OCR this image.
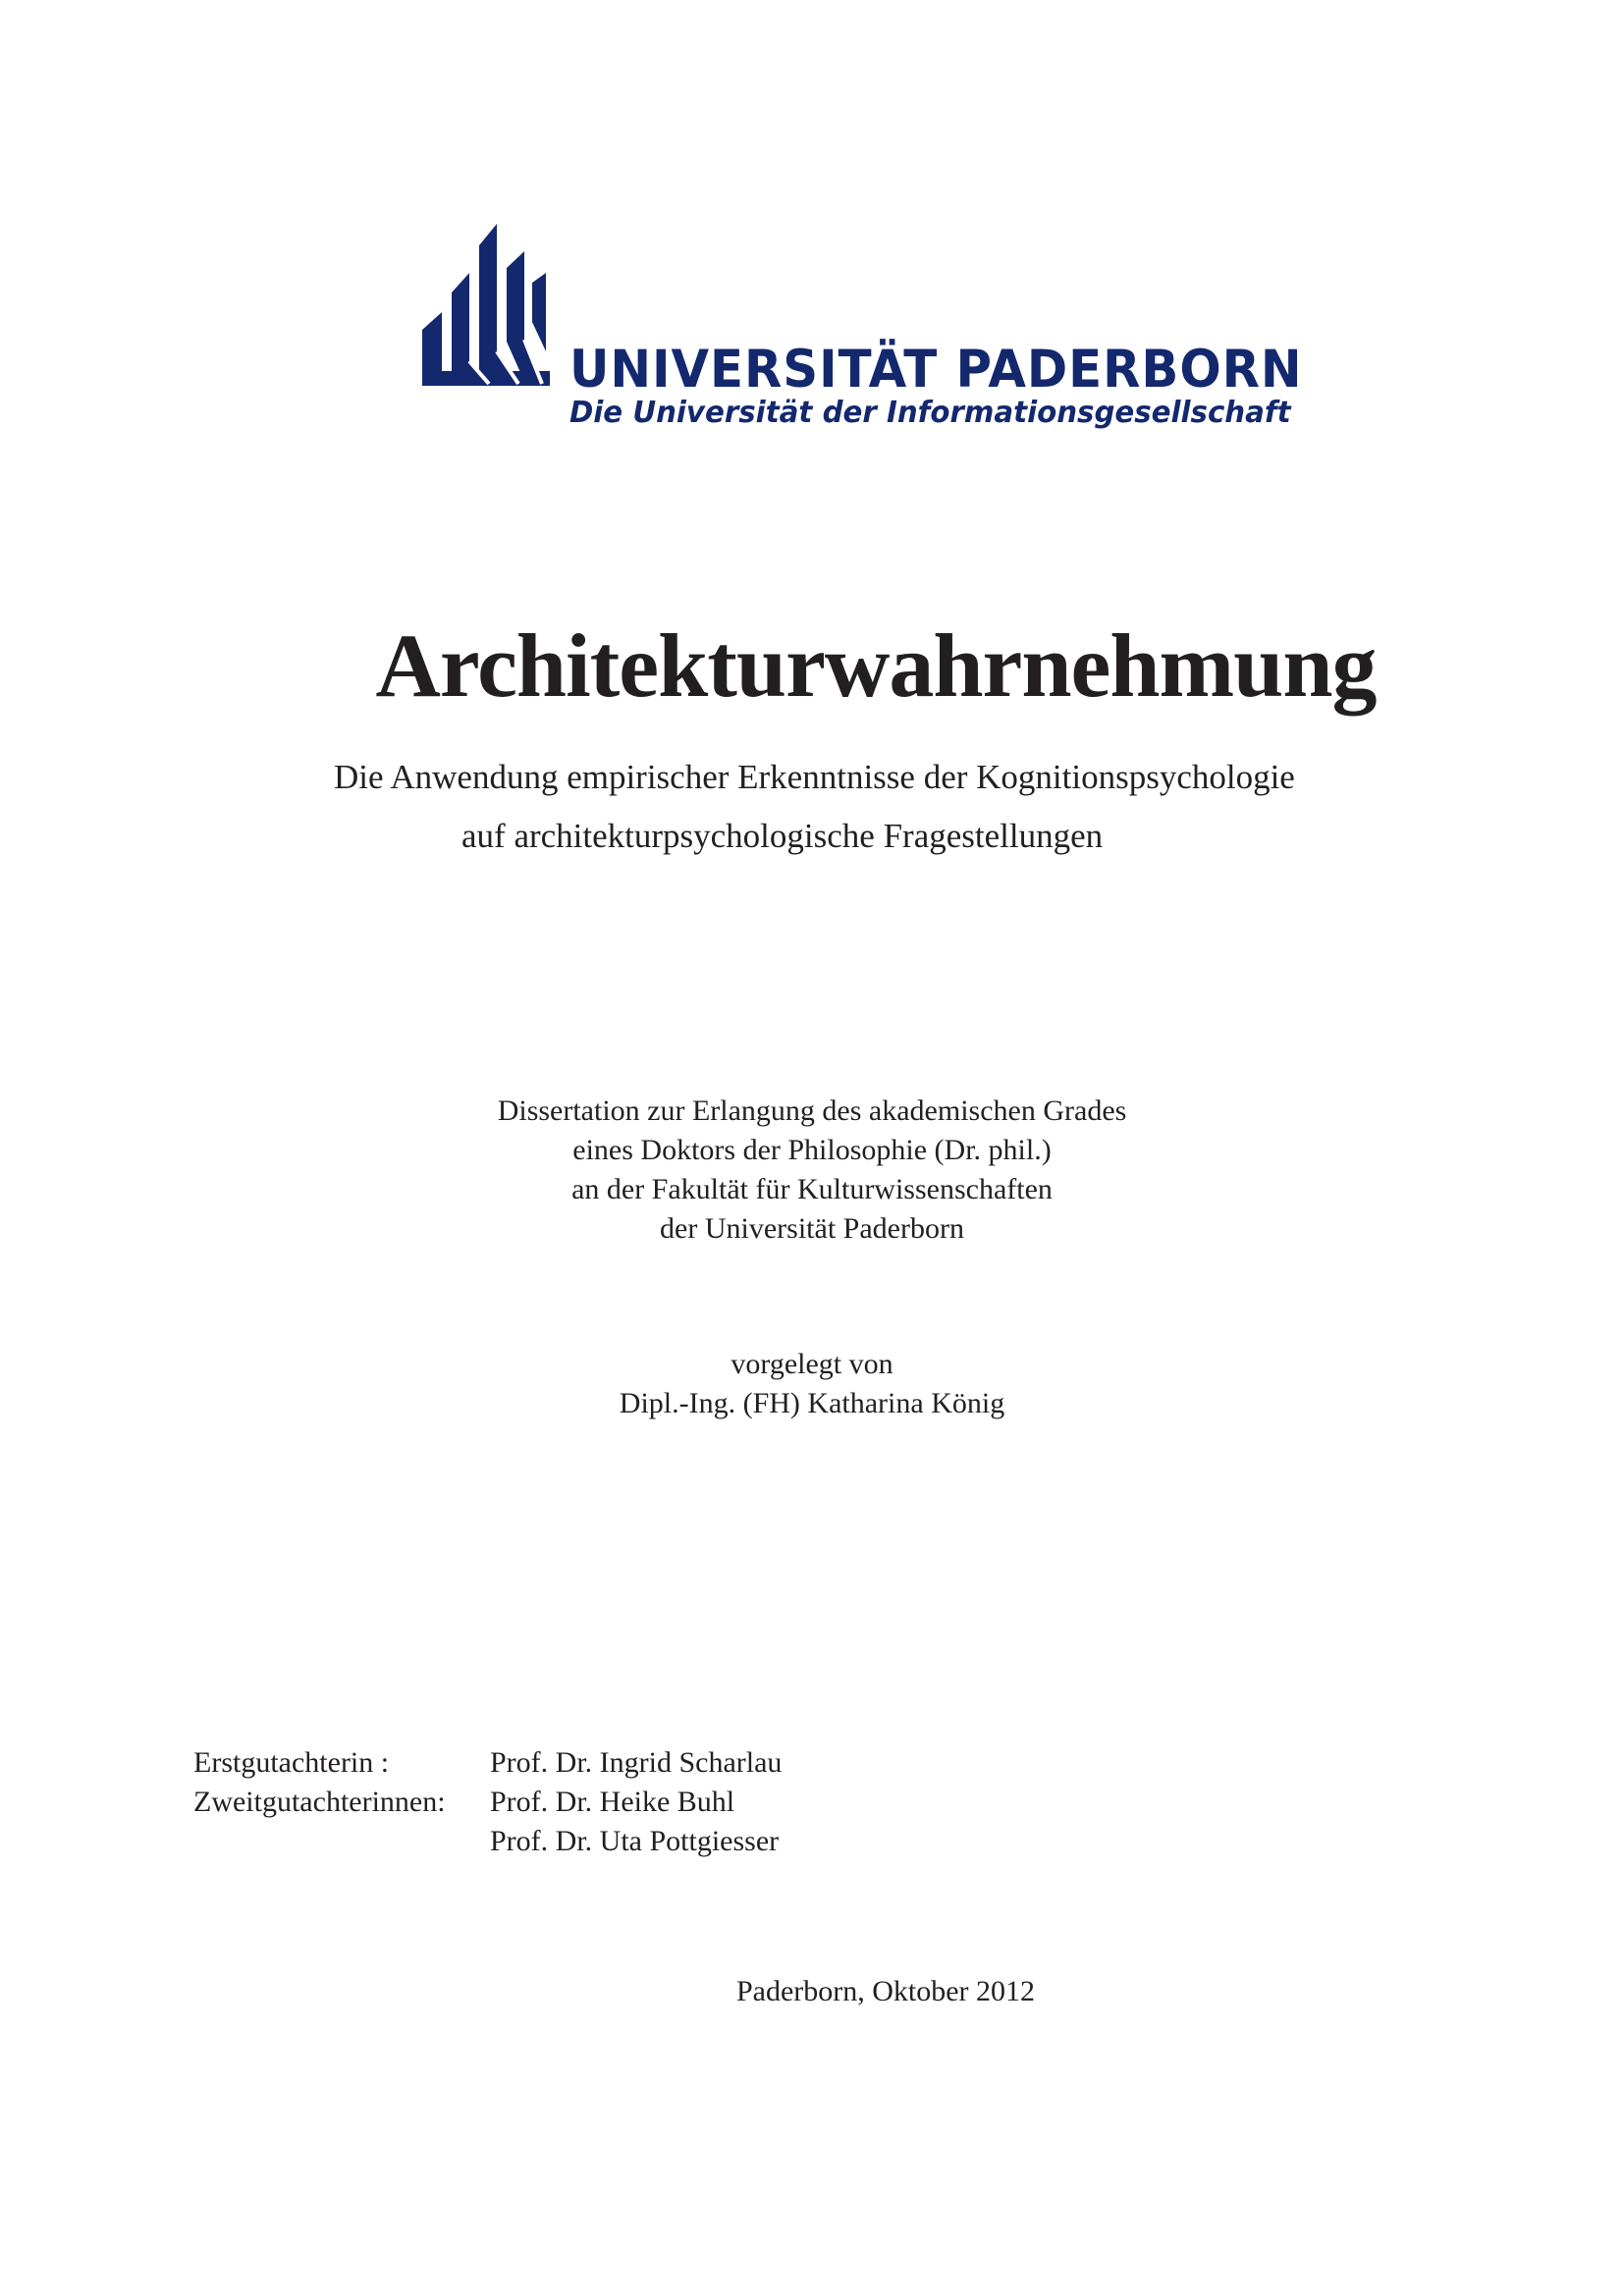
UNIVERSITÄT PADERBORN
Die Universität der Informationsgesellschaft
Architekturwahrnehmung
Die Anwendung empirischer Erkenntnisse der Kognitionspsychologie
auf architekturpsychologische Fragestellungen
Dissertation zur Erlangung des akademischen Grades
eines Doktors der Philosophie (Dr. phil.)
an der Fakultät für Kulturwissenschaften
der Universität Paderborn
vorgelegt von
Dipl.-Ing. (FH) Katharina König
Erstgutachterin :	Prof. Dr. Ingrid Scharlau
Zweitgutachterinnen:	Prof. Dr. Heike Buhl
Prof. Dr. Uta Pottgiesser
Paderborn, Oktober 2012
